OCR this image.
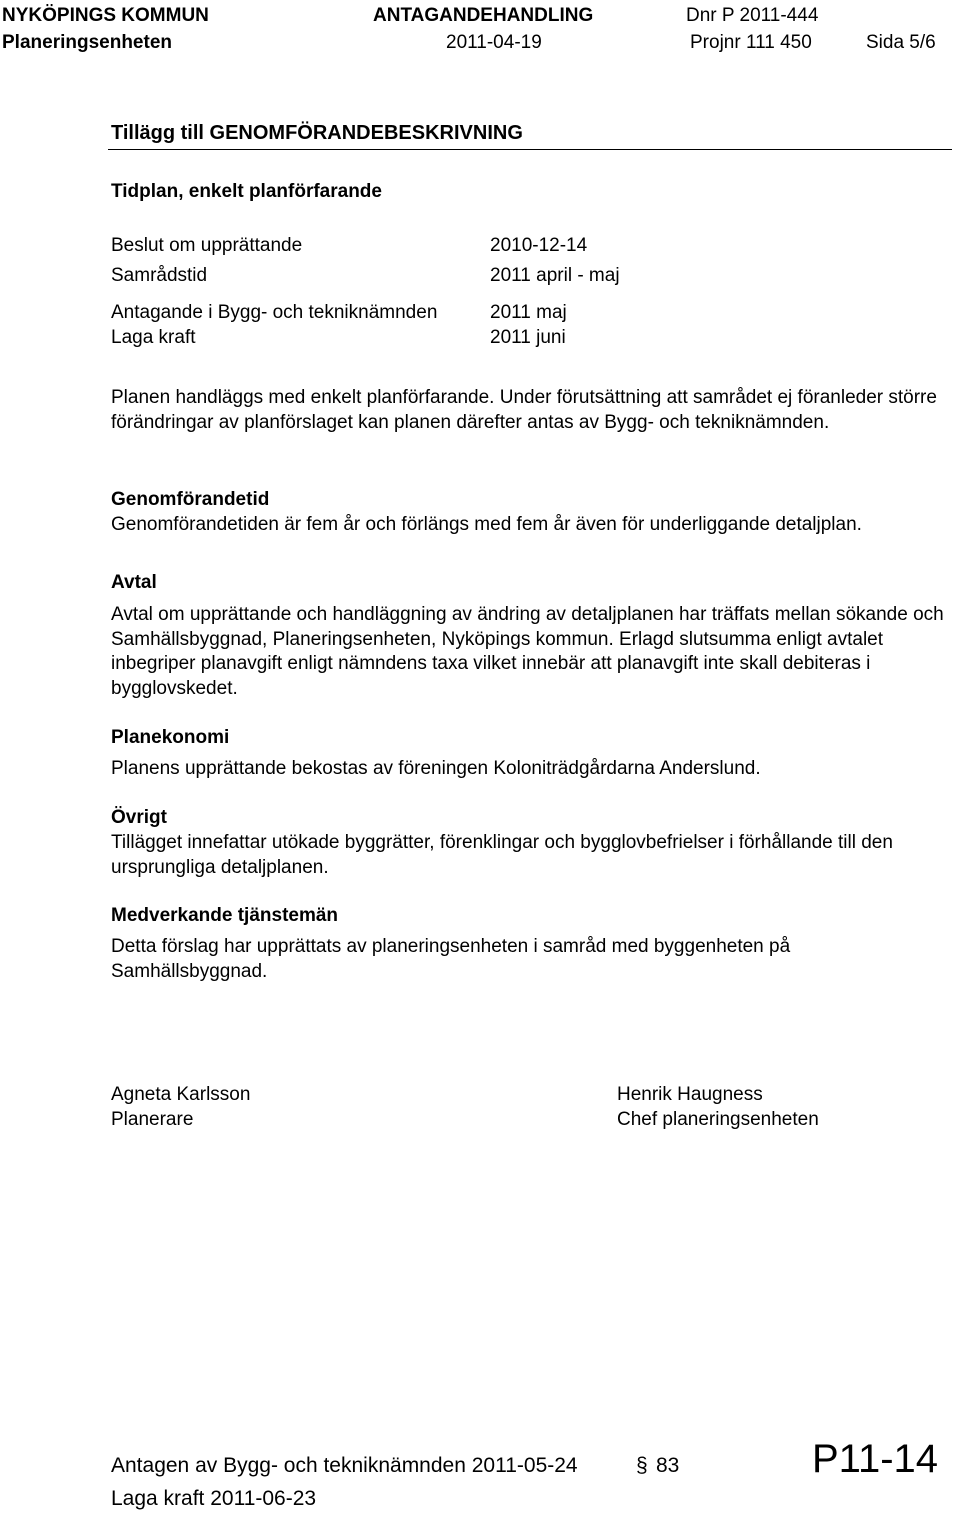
NYKÖPINGS KOMMUN	ANTAGANDEHANDLING	Dnr P 2011-444
Planeringsenheten	2011-04-19	Projnr 111 450	Sida 5/6
Tillägg till GENOMFÖRANDEBESKRIVNING
Tidplan, enkelt planförfarande
Beslut om upprättande	2010-12-14
Samrådstid	2011 april - maj
Antagande i Bygg- och tekniknämnden	2011 maj
Laga kraft	2011 juni
Planen handläggs med enkelt planförfarande. Under förutsättning att samrådet ej föranleder större förändringar av planförslaget kan planen därefter antas av Bygg- och tekniknämnden.
Genomförandetid
Genomförandetiden är fem år och förlängs med fem år även för underliggande detaljplan.
Avtal
Avtal om upprättande och handläggning av ändring av detaljplanen har träffats mellan sökande och Samhällsbyggnad, Planeringsenheten, Nyköpings kommun. Erlagd slutsumma enligt avtalet inbegriper planavgift enligt nämndens taxa vilket innebär att planavgift inte skall debiteras i bygglovskedet.
Planekonomi
Planens upprättande bekostas av föreningen Koloniträdgårdarna Anderslund.
Övrigt
Tillägget innefattar utökade byggrätter, förenklingar och bygglovbefrielser i förhållande till den ursprungliga detaljplanen.
Medverkande tjänstemän
Detta förslag har upprättats av planeringsenheten i samråd med byggenheten på Samhällsbyggnad.
Agneta Karlsson
Planerare
Henrik Haugness
Chef planeringsenheten
Antagen av Bygg- och tekniknämnden 2011-05-24	§ 83
Laga kraft 2011-06-23
P11-14
